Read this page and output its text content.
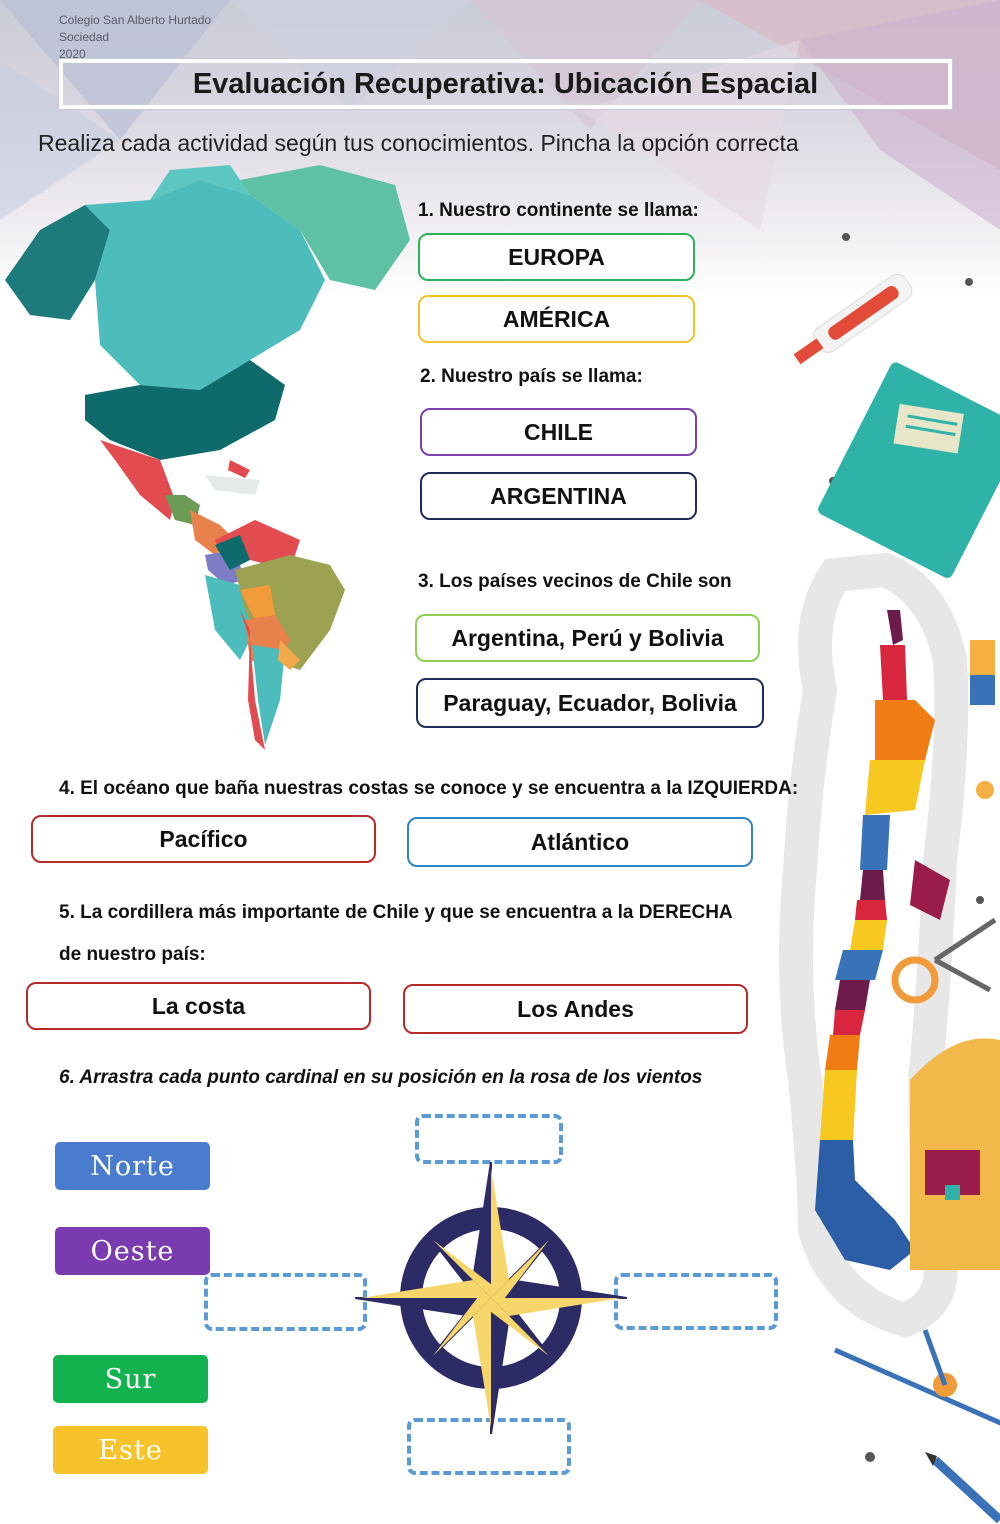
Colegio San Alberto Hurtado
Sociedad
2020
Evaluación Recuperativa: Ubicación Espacial
Realiza cada actividad según tus conocimientos. Pincha la opción correcta
1. Nuestro continente se llama:
EUROPA
AMÉRICA
2. Nuestro país se llama:
CHILE
ARGENTINA
3. Los países vecinos de Chile son
Argentina, Perú y Bolivia
Paraguay, Ecuador, Bolivia
4. El océano que baña nuestras costas se conoce y se encuentra a la IZQUIERDA:
Pacífico	Atlántico
5. La cordillera más importante de Chile y que se encuentra a la DERECHA
de nuestro país:
La costa	Los Andes
6. Arrastra cada punto cardinal en su posición en la rosa de los vientos
Norte
Oeste
Sur
Este
